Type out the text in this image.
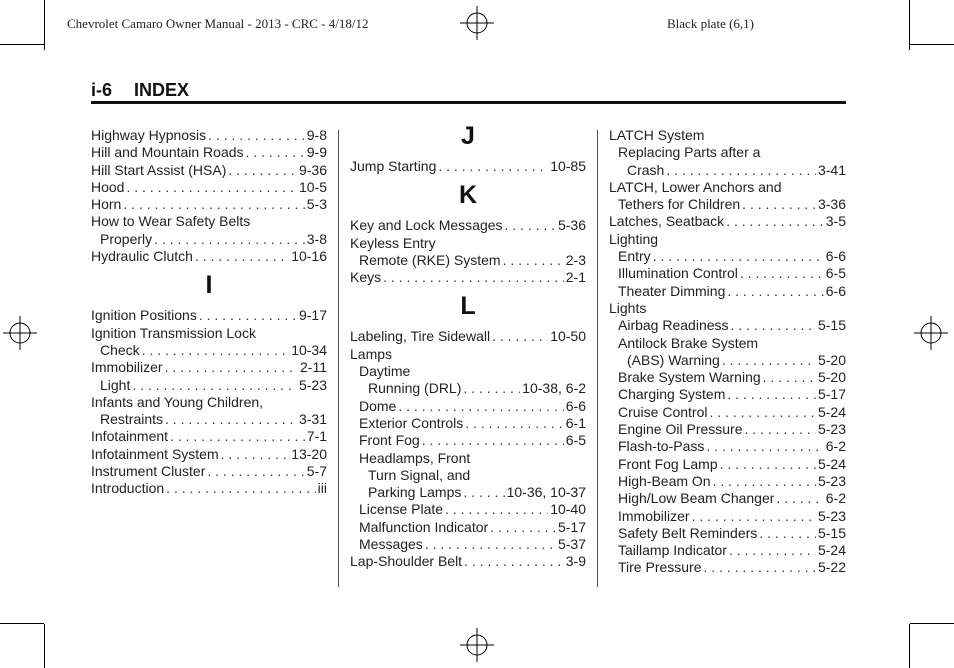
Chevrolet Camaro Owner Manual - 2013 - CRC - 4/18/12	Black plate (6,1)
i-6 INDEX
Highway Hypnosis . . .	9-8
Hill and Mountain Roads . . .	9-9
Hill Start Assist (HSA) . . .	9-36
Hood . . .	10-5
Horn . . .	5-3
How to Wear Safety Belts
Properly . . .	3-8
Hydraulic Clutch . . .	10-16
I
Ignition Positions . . .	9-17
Ignition Transmission Lock
Check . . .	10-34
Immobilizer . . .	2-11
Light . . .	5-23
Infants and Young Children,
Restraints . . .	3-31
Infotainment . . .	7-1
Infotainment System . . .	13-20
Instrument Cluster . . .	5-7
Introduction . . .	iii
J
Jump Starting . . .	10-85
K
Key and Lock Messages . . .	5-36
Keyless Entry
Remote (RKE) System . . .	2-3
Keys . . .	2-1
L
Labeling, Tire Sidewall . . .	10-50
Lamps
Daytime
Running (DRL) . . .	10-38, 6-2
Dome . . .	6-6
Exterior Controls . . .	6-1
Front Fog . . .	6-5
Headlamps, Front
Turn Signal, and
Parking Lamps . . .	10-36, 10-37
License Plate . . .	10-40
Malfunction Indicator . . .	5-17
Messages . . .	5-37
Lap-Shoulder Belt . . .	3-9
LATCH System
Replacing Parts after a
Crash . . .	3-41
LATCH, Lower Anchors and
Tethers for Children . . .	3-36
Latches, Seatback . . .	3-5
Lighting
Entry . . .	6-6
Illumination Control . . .	6-5
Theater Dimming . . .	6-6
Lights
Airbag Readiness . . .	5-15
Antilock Brake System
(ABS) Warning . . .	5-20
Brake System Warning . . .	5-20
Charging System . . .	5-17
Cruise Control . . .	5-24
Engine Oil Pressure . . .	5-23
Flash-to-Pass . . .	6-2
Front Fog Lamp . . .	5-24
High-Beam On . . .	5-23
High/Low Beam Changer . . .	6-2
Immobilizer . . .	5-23
Safety Belt Reminders . . .	5-15
Taillamp Indicator . . .	5-24
Tire Pressure . . .	5-22
